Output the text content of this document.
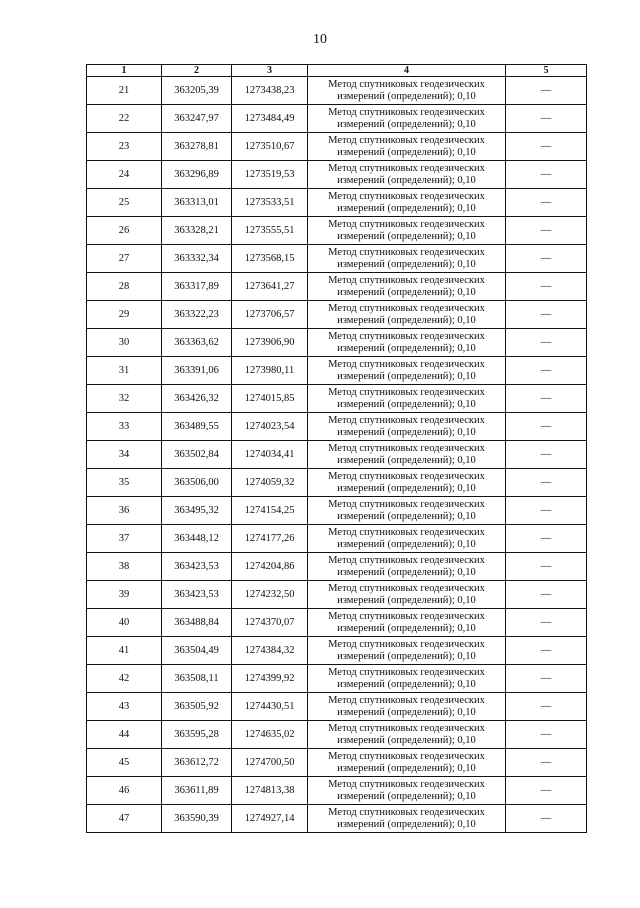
10
1	2	3	4	5
21	363205,39	1273438,23	Метод спутниковых геодезических
измерений (определений); 0,10	—
22	363247,97	1273484,49	Метод спутниковых геодезических
измерений (определений); 0,10	—
23	363278,81	1273510,67	Метод спутниковых геодезических
измерений (определений); 0,10	—
24	363296,89	1273519,53	Метод спутниковых геодезических
измерений (определений); 0,10	—
25	363313,01	1273533,51	Метод спутниковых геодезических
измерений (определений); 0,10	—
26	363328,21	1273555,51	Метод спутниковых геодезических
измерений (определений); 0,10	—
27	363332,34	1273568,15	Метод спутниковых геодезических
измерений (определений); 0,10	—
28	363317,89	1273641,27	Метод спутниковых геодезических
измерений (определений); 0,10	—
29	363322,23	1273706,57	Метод спутниковых геодезических
измерений (определений); 0,10	—
30	363363,62	1273906,90	Метод спутниковых геодезических
измерений (определений); 0,10	—
31	363391,06	1273980,11	Метод спутниковых геодезических
измерений (определений); 0,10	—
32	363426,32	1274015,85	Метод спутниковых геодезических
измерений (определений); 0,10	—
33	363489,55	1274023,54	Метод спутниковых геодезических
измерений (определений); 0,10	—
34	363502,84	1274034,41	Метод спутниковых геодезических
измерений (определений); 0,10	—
35	363506,00	1274059,32	Метод спутниковых геодезических
измерений (определений); 0,10	—
36	363495,32	1274154,25	Метод спутниковых геодезических
измерений (определений); 0,10	—
37	363448,12	1274177,26	Метод спутниковых геодезических
измерений (определений); 0,10	—
38	363423,53	1274204,86	Метод спутниковых геодезических
измерений (определений); 0,10	—
39	363423,53	1274232,50	Метод спутниковых геодезических
измерений (определений); 0,10	—
40	363488,84	1274370,07	Метод спутниковых геодезических
измерений (определений); 0,10	—
41	363504,49	1274384,32	Метод спутниковых геодезических
измерений (определений); 0,10	—
42	363508,11	1274399,92	Метод спутниковых геодезических
измерений (определений); 0,10	—
43	363505,92	1274430,51	Метод спутниковых геодезических
измерений (определений); 0,10	—
44	363595,28	1274635,02	Метод спутниковых геодезических
измерений (определений); 0,10	—
45	363612,72	1274700,50	Метод спутниковых геодезических
измерений (определений); 0,10	—
46	363611,89	1274813,38	Метод спутниковых геодезических
измерений (определений); 0,10	—
47	363590,39	1274927,14	Метод спутниковых геодезических
измерений (определений); 0,10	—
